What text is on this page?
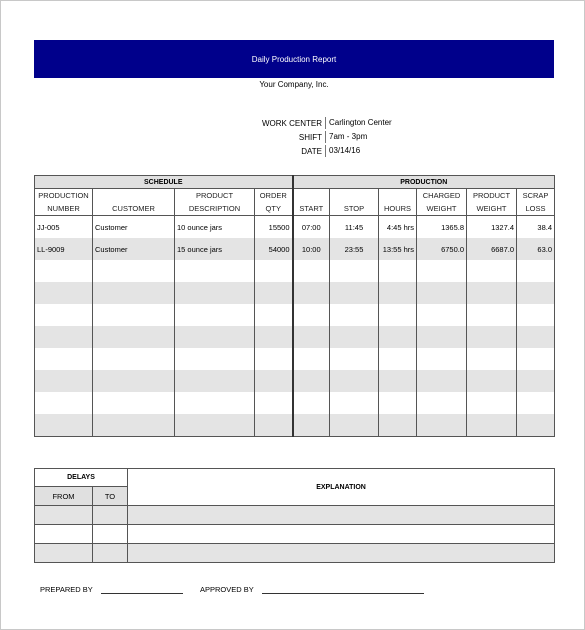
Daily Production Report
Your Company, Inc.
WORK CENTER Carlington Center
SHIFT 7am - 3pm
DATE 03/14/16
SCHEDULE				PRODUCTION					
PRODUCTION		PRODUCT	ORDER				CHARGED	PRODUCT	SCRAP
NUMBER	CUSTOMER	DESCRIPTION	QTY	START	STOP	HOURS	WEIGHT	WEIGHT	LOSS
JJ-005	Customer	10 ounce jars	15500	07:00	11:45	4:45 hrs	1365.8	1327.4	38.4
LL-9009	Customer	15 ounce jars	54000	10:00	23:55	13:55 hrs	6750.0	6687.0	63.0

DELAYS		EXPLANATION
FROM	TO	

PREPARED BY	APPROVED BY
